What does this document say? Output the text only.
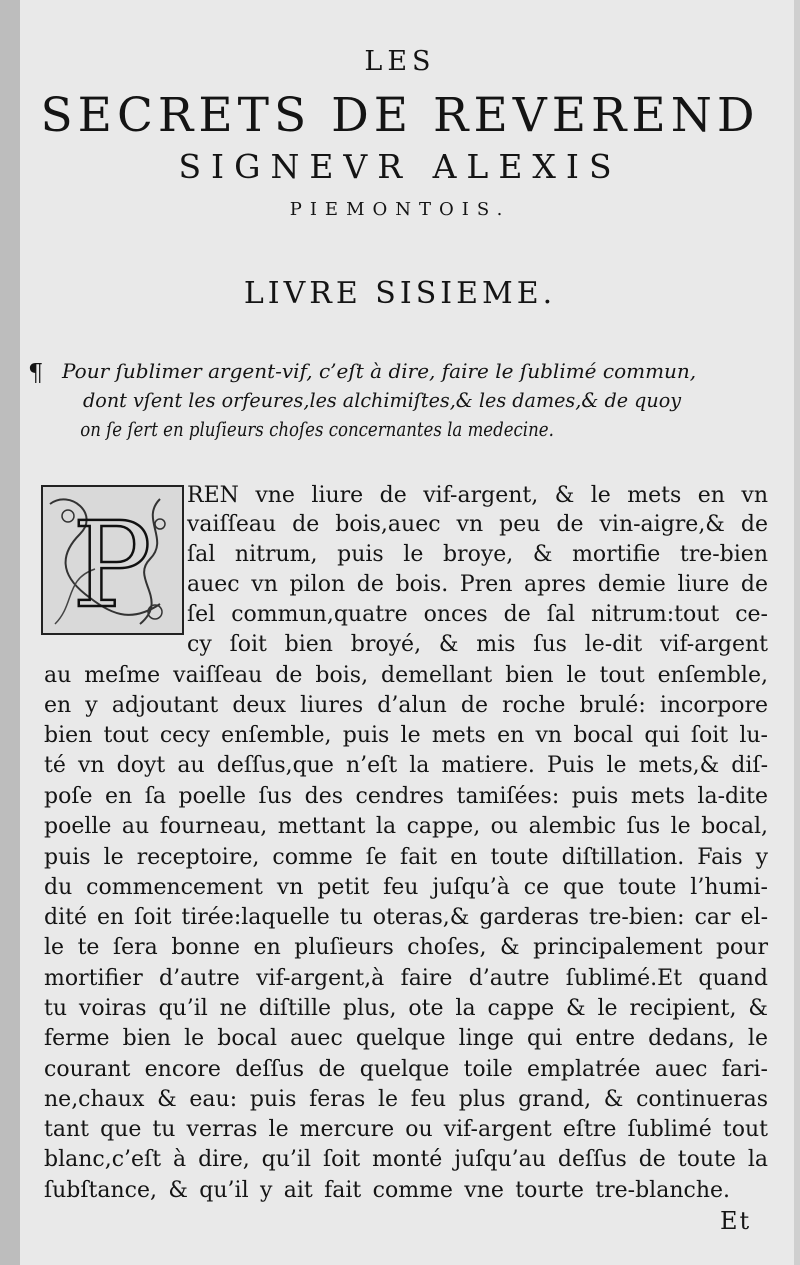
LES
SECRETS DE REVEREND
SIGNEVR ALEXIS
PIEMONTOIS.
LIVRE SISIEME.
¶ Pour ſublimer argent-vif, c’eſt à dire, faire le ſublimé commun,
dont vſent les orfeures,les alchimiſtes,& les dames,& de quoy
on ſe ſert en pluſieurs choſes concernantes la medecine.
P
REN vne liure de vif-argent, & le mets en vn
vaiſſeau de bois,auec vn peu de vin-aigre,& de
ſal nitrum, puis le broye, & mortifie tre-bien
auec vn pilon de bois. Pren apres demie liure de
ſel commun,quatre onces de ſal nitrum:tout ce-
cy ſoit bien broyé, & mis ſus le-dit vif-argent
au meſme vaiſſeau de bois, demellant bien le tout enſemble,
en y adjoutant deux liures d’alun de roche brulé: incorpore
bien tout cecy enſemble, puis le mets en vn bocal qui ſoit lu-
té vn doyt au deſſus,que n’eſt la matiere. Puis le mets,& diſ-
poſe en ſa poelle ſus des cendres tamiſées: puis mets la-dite
poelle au fourneau, mettant la cappe, ou alembic ſus le bocal,
puis le receptoire, comme ſe fait en toute diſtillation. Fais y
du commencement vn petit feu juſqu’à ce que toute l’humi-
dité en ſoit tirée:laquelle tu oteras,& garderas tre-bien: car el-
le te ſera bonne en pluſieurs choſes, & principalement pour
mortifier d’autre vif-argent,à faire d’autre ſublimé.Et quand
tu voiras qu’il ne diſtille plus, ote la cappe & le recipient, &
ferme bien le bocal auec quelque linge qui entre dedans, le
courant encore deſſus de quelque toile emplatrée auec fari-
ne,chaux & eau: puis feras le feu plus grand, & continueras
tant que tu verras le mercure ou vif-argent eſtre ſublimé tout
blanc,c’eſt à dire, qu’il ſoit monté juſqu’au deſſus de toute la
ſubſtance, & qu’il y ait fait comme vne tourte tre-blanche.
Et
